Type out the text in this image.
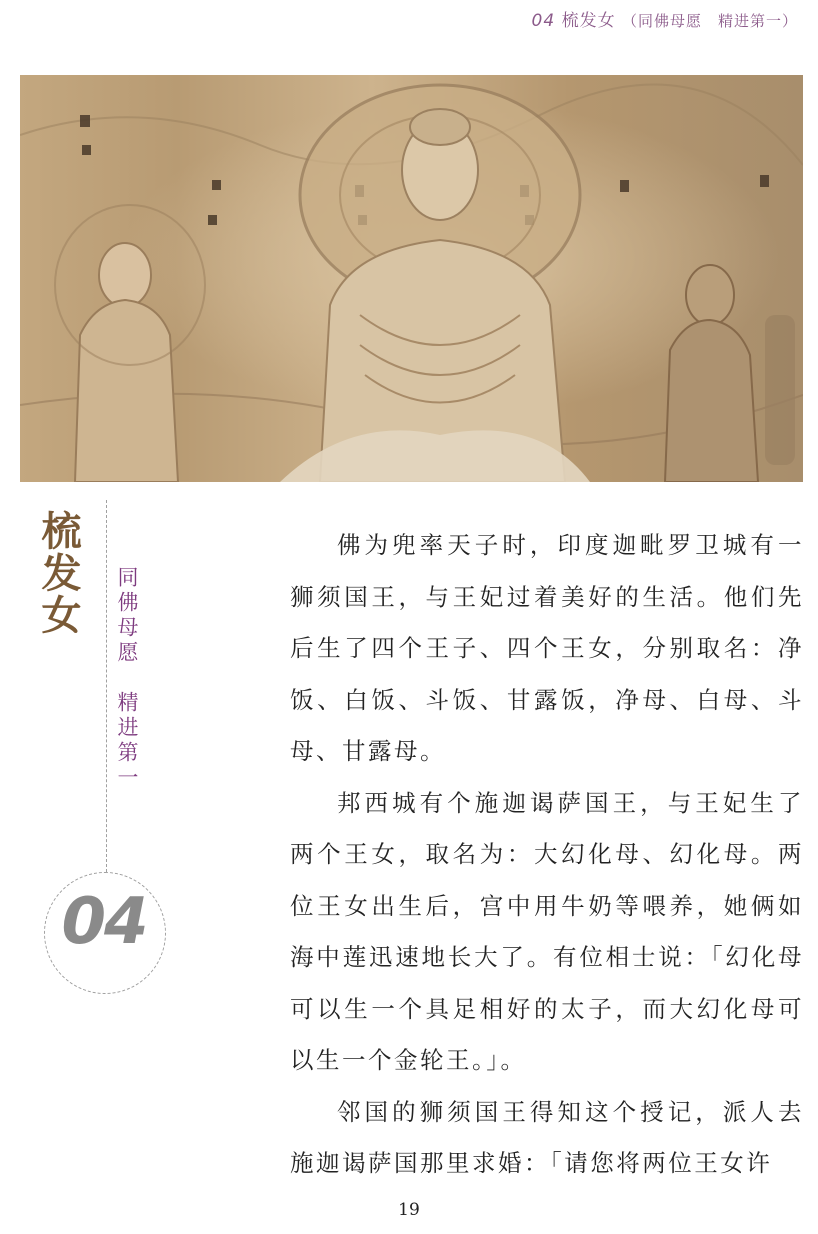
04 梳发女 （同佛母愿　精进第一）
梳发女 同佛母愿　精进第一
04

佛为兜率天子时，印度迦毗罗卫城有一狮须国王，与王妃过着美好的生活。他们先后生了四个王子、四个王女，分别取名：净饭、白饭、斗饭、甘露饭，净母、白母、斗母、甘露母。

邦西城有个施迦谒萨国王，与王妃生了两个王女，取名为：大幻化母、幻化母。两位王女出生后，宫中用牛奶等喂养，她俩如海中莲迅速地长大了。有位相士说：「幻化母可以生一个具足相好的太子，而大幻化母可以生一个金轮王。」。

邻国的狮须国王得知这个授记，派人去施迦谒萨国那里求婚：「请您将两位王女许

19
